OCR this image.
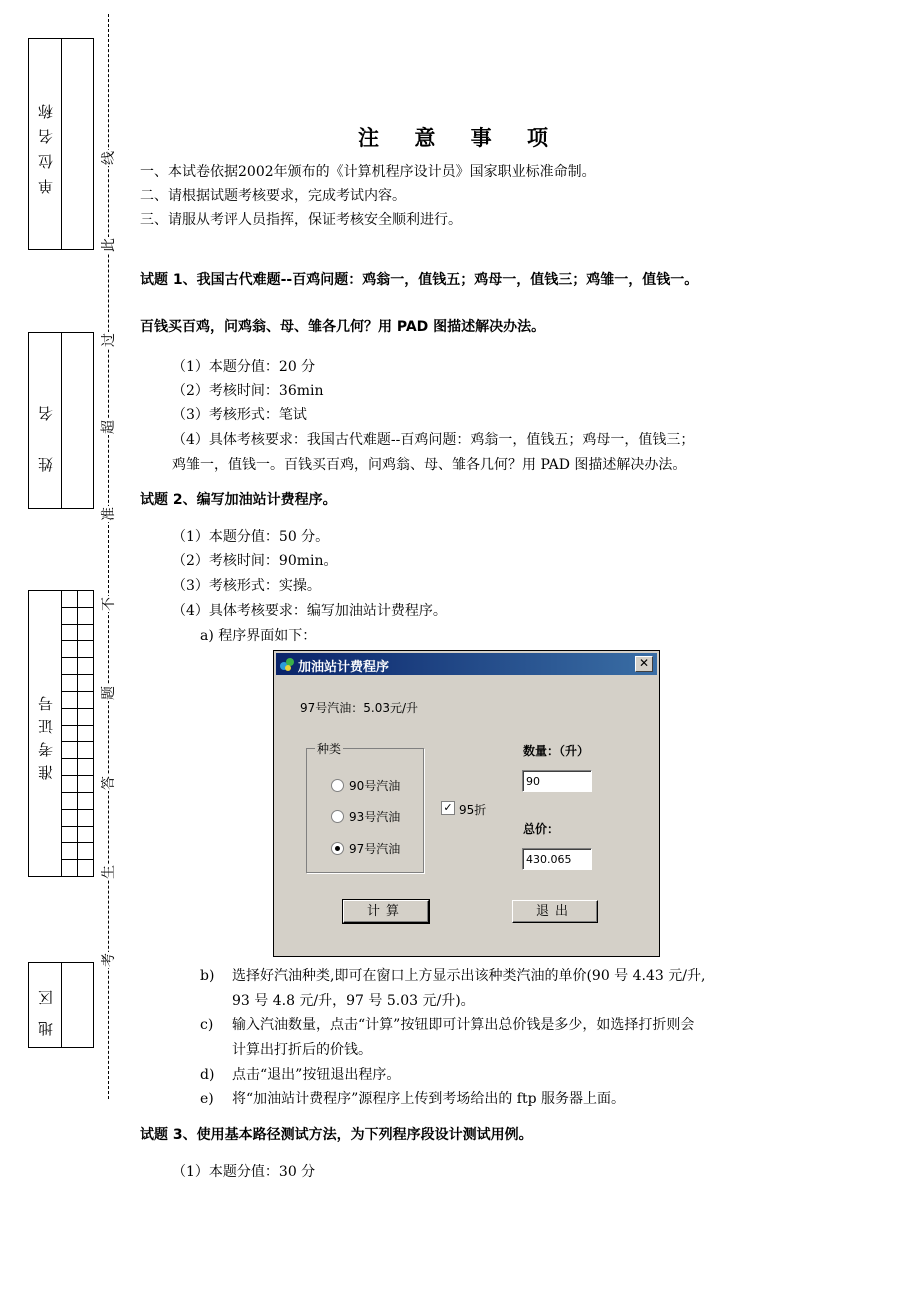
单位名称
姓名
准考证号
地区
线
此
过
超
准
不
题
答
生
考
注 意 事 项
一、本试卷依据2002年颁布的《计算机程序设计员》国家职业标准命制。
二、请根据试题考核要求，完成考试内容。
三、请服从考评人员指挥，保证考核安全顺利进行。
试题 1、我国古代难题--百鸡问题：鸡翁一，值钱五；鸡母一，值钱三；鸡雏一，值钱一。
百钱买百鸡，问鸡翁、母、雏各几何？用 PAD 图描述解决办法。
（1）本题分值：20 分
（2）考核时间：36min
（3）考核形式：笔试
（4）具体考核要求：我国古代难题--百鸡问题：鸡翁一，值钱五；鸡母一，值钱三；
鸡雏一，值钱一。百钱买百鸡，问鸡翁、母、雏各几何？用 PAD 图描述解决办法。
试题 2、编写加油站计费程序。
（1）本题分值：50 分。
（2）考核时间：90min。
（3）考核形式：实操。
（4）具体考核要求：编写加油站计费程序。
a) 程序界面如下：
加油站计费程序	✕
97号汽油：5.03元/升
种类
90号汽油
93号汽油
97号汽油
✓ 95折
数量：（升）
90
总价：
430.065
计算	退出
b) 选择好汽油种类,即可在窗口上方显示出该种类汽油的单价(90 号 4.43 元/升,
93 号 4.8 元/升，97 号 5.03 元/升)。
c) 输入汽油数量，点击“计算”按钮即可计算出总价钱是多少，如选择打折则会
计算出打折后的价钱。
d) 点击“退出”按钮退出程序。
e) 将“加油站计费程序”源程序上传到考场给出的 ftp 服务器上面。
试题 3、使用基本路径测试方法，为下列程序段设计测试用例。
（1）本题分值：30 分
